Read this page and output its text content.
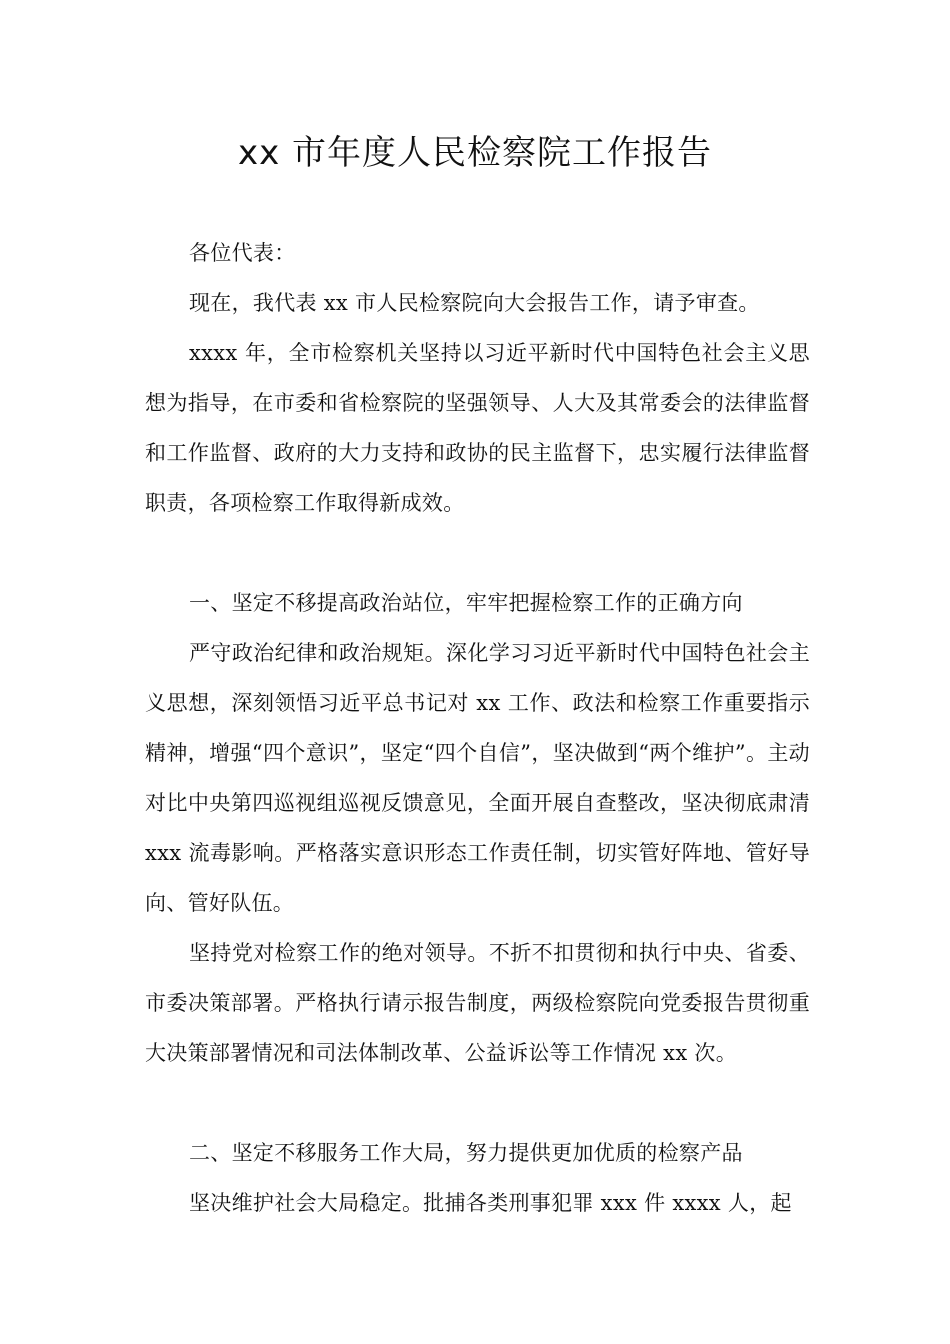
xx 市年度人民检察院工作报告

各位代表：

现在，我代表 xx 市人民检察院向大会报告工作，请予审查。

xxxx 年，全市检察机关坚持以习近平新时代中国特色社会主义思想为指导，在市委和省检察院的坚强领导、人大及其常委会的法律监督和工作监督、政府的大力支持和政协的民主监督下，忠实履行法律监督职责，各项检察工作取得新成效。

一、坚定不移提高政治站位，牢牢把握检察工作的正确方向

严守政治纪律和政治规矩。深化学习习近平新时代中国特色社会主义思想，深刻领悟习近平总书记对 xx 工作、政法和检察工作重要指示精神，增强“四个意识”，坚定“四个自信”，坚决做到“两个维护”。主动对比中央第四巡视组巡视反馈意见，全面开展自查整改，坚决彻底肃清 xxx 流毒影响。严格落实意识形态工作责任制，切实管好阵地、管好导向、管好队伍。

坚持党对检察工作的绝对领导。不折不扣贯彻和执行中央、省委、市委决策部署。严格执行请示报告制度，两级检察院向党委报告贯彻重大决策部署情况和司法体制改革、公益诉讼等工作情况 xx 次。

二、坚定不移服务工作大局，努力提供更加优质的检察产品

坚决维护社会大局稳定。批捕各类刑事犯罪 xxx 件 xxxx 人，起
